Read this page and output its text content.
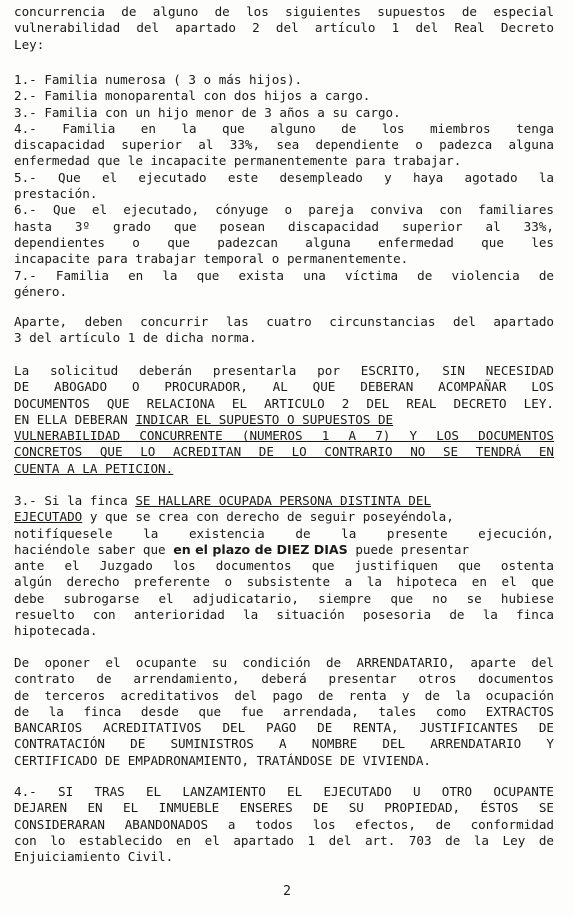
concurrencia de alguno de los siguientes supuestos de especial

vulnerabilidad del apartado 2 del artículo 1 del Real Decreto

Ley:

1.- Familia numerosa ( 3 o más hijos).

2.- Familia monoparental con dos hijos a cargo.

3.- Familia con un hijo menor de 3 años a su cargo.

4.- Familia en la que alguno de los miembros tenga

discapacidad superior al 33%, sea dependiente o padezca alguna

enfermedad que le incapacite permanentemente para trabajar.

5.- Que el ejecutado este desempleado y haya agotado la

prestación.

6.- Que el ejecutado, cónyuge o pareja conviva con familiares

hasta 3º grado que posean discapacidad superior al 33%,

dependientes o que padezcan alguna enfermedad que les

incapacite para trabajar temporal o permanentemente.

7.- Familia en la que exista una víctima de violencia de

género.

Aparte, deben concurrir las cuatro circunstancias del apartado

3 del artículo 1 de dicha norma.

La solicitud deberán presentarla por ESCRITO, SIN NECESIDAD

DE ABOGADO O PROCURADOR, AL QUE DEBERAN ACOMPAÑAR LOS

DOCUMENTOS QUE RELACIONA EL ARTICULO 2 DEL REAL DECRETO LEY.

EN ELLA DEBERAN INDICAR EL SUPUESTO O SUPUESTOS DE

VULNERABILIDAD CONCURRENTE (NUMEROS 1 A 7) Y LOS DOCUMENTOS

CONCRETOS QUE LO ACREDITAN DE LO CONTRARIO NO SE TENDRÁ EN

CUENTA A LA PETICION.

3.- Si la finca SE HALLARE OCUPADA PERSONA DISTINTA DEL

EJECUTADO y que se crea con derecho de seguir poseyéndola,

notifíquesele la existencia de la presente ejecución,

haciéndole saber que en el plazo de DIEZ DIAS puede presentar

ante el Juzgado los documentos que justifiquen que ostenta

algún derecho preferente o subsistente a la hipoteca en el que

debe subrogarse el adjudicatario, siempre que no se hubiese

resuelto con anterioridad la situación posesoria de la finca

hipotecada.

De oponer el ocupante su condición de ARRENDATARIO, aparte del

contrato de arrendamiento, deberá presentar otros documentos

de terceros acreditativos del pago de renta y de la ocupación

de la finca desde que fue arrendada, tales como EXTRACTOS

BANCARIOS ACREDITATIVOS DEL PAGO DE RENTA, JUSTIFICANTES DE

CONTRATACIÓN DE SUMINISTROS A NOMBRE DEL ARRENDATARIO Y

CERTIFICADO DE EMPADRONAMIENTO, TRATÁNDOSE DE VIVIENDA.

4.- SI TRAS EL LANZAMIENTO EL EJECUTADO U OTRO OCUPANTE

DEJAREN EN EL INMUEBLE ENSERES DE SU PROPIEDAD, ÉSTOS SE

CONSIDERARAN ABANDONADOS a todos los efectos, de conformidad

con lo establecido en el apartado 1 del art. 703 de la Ley de

Enjuiciamiento Civil.

2
